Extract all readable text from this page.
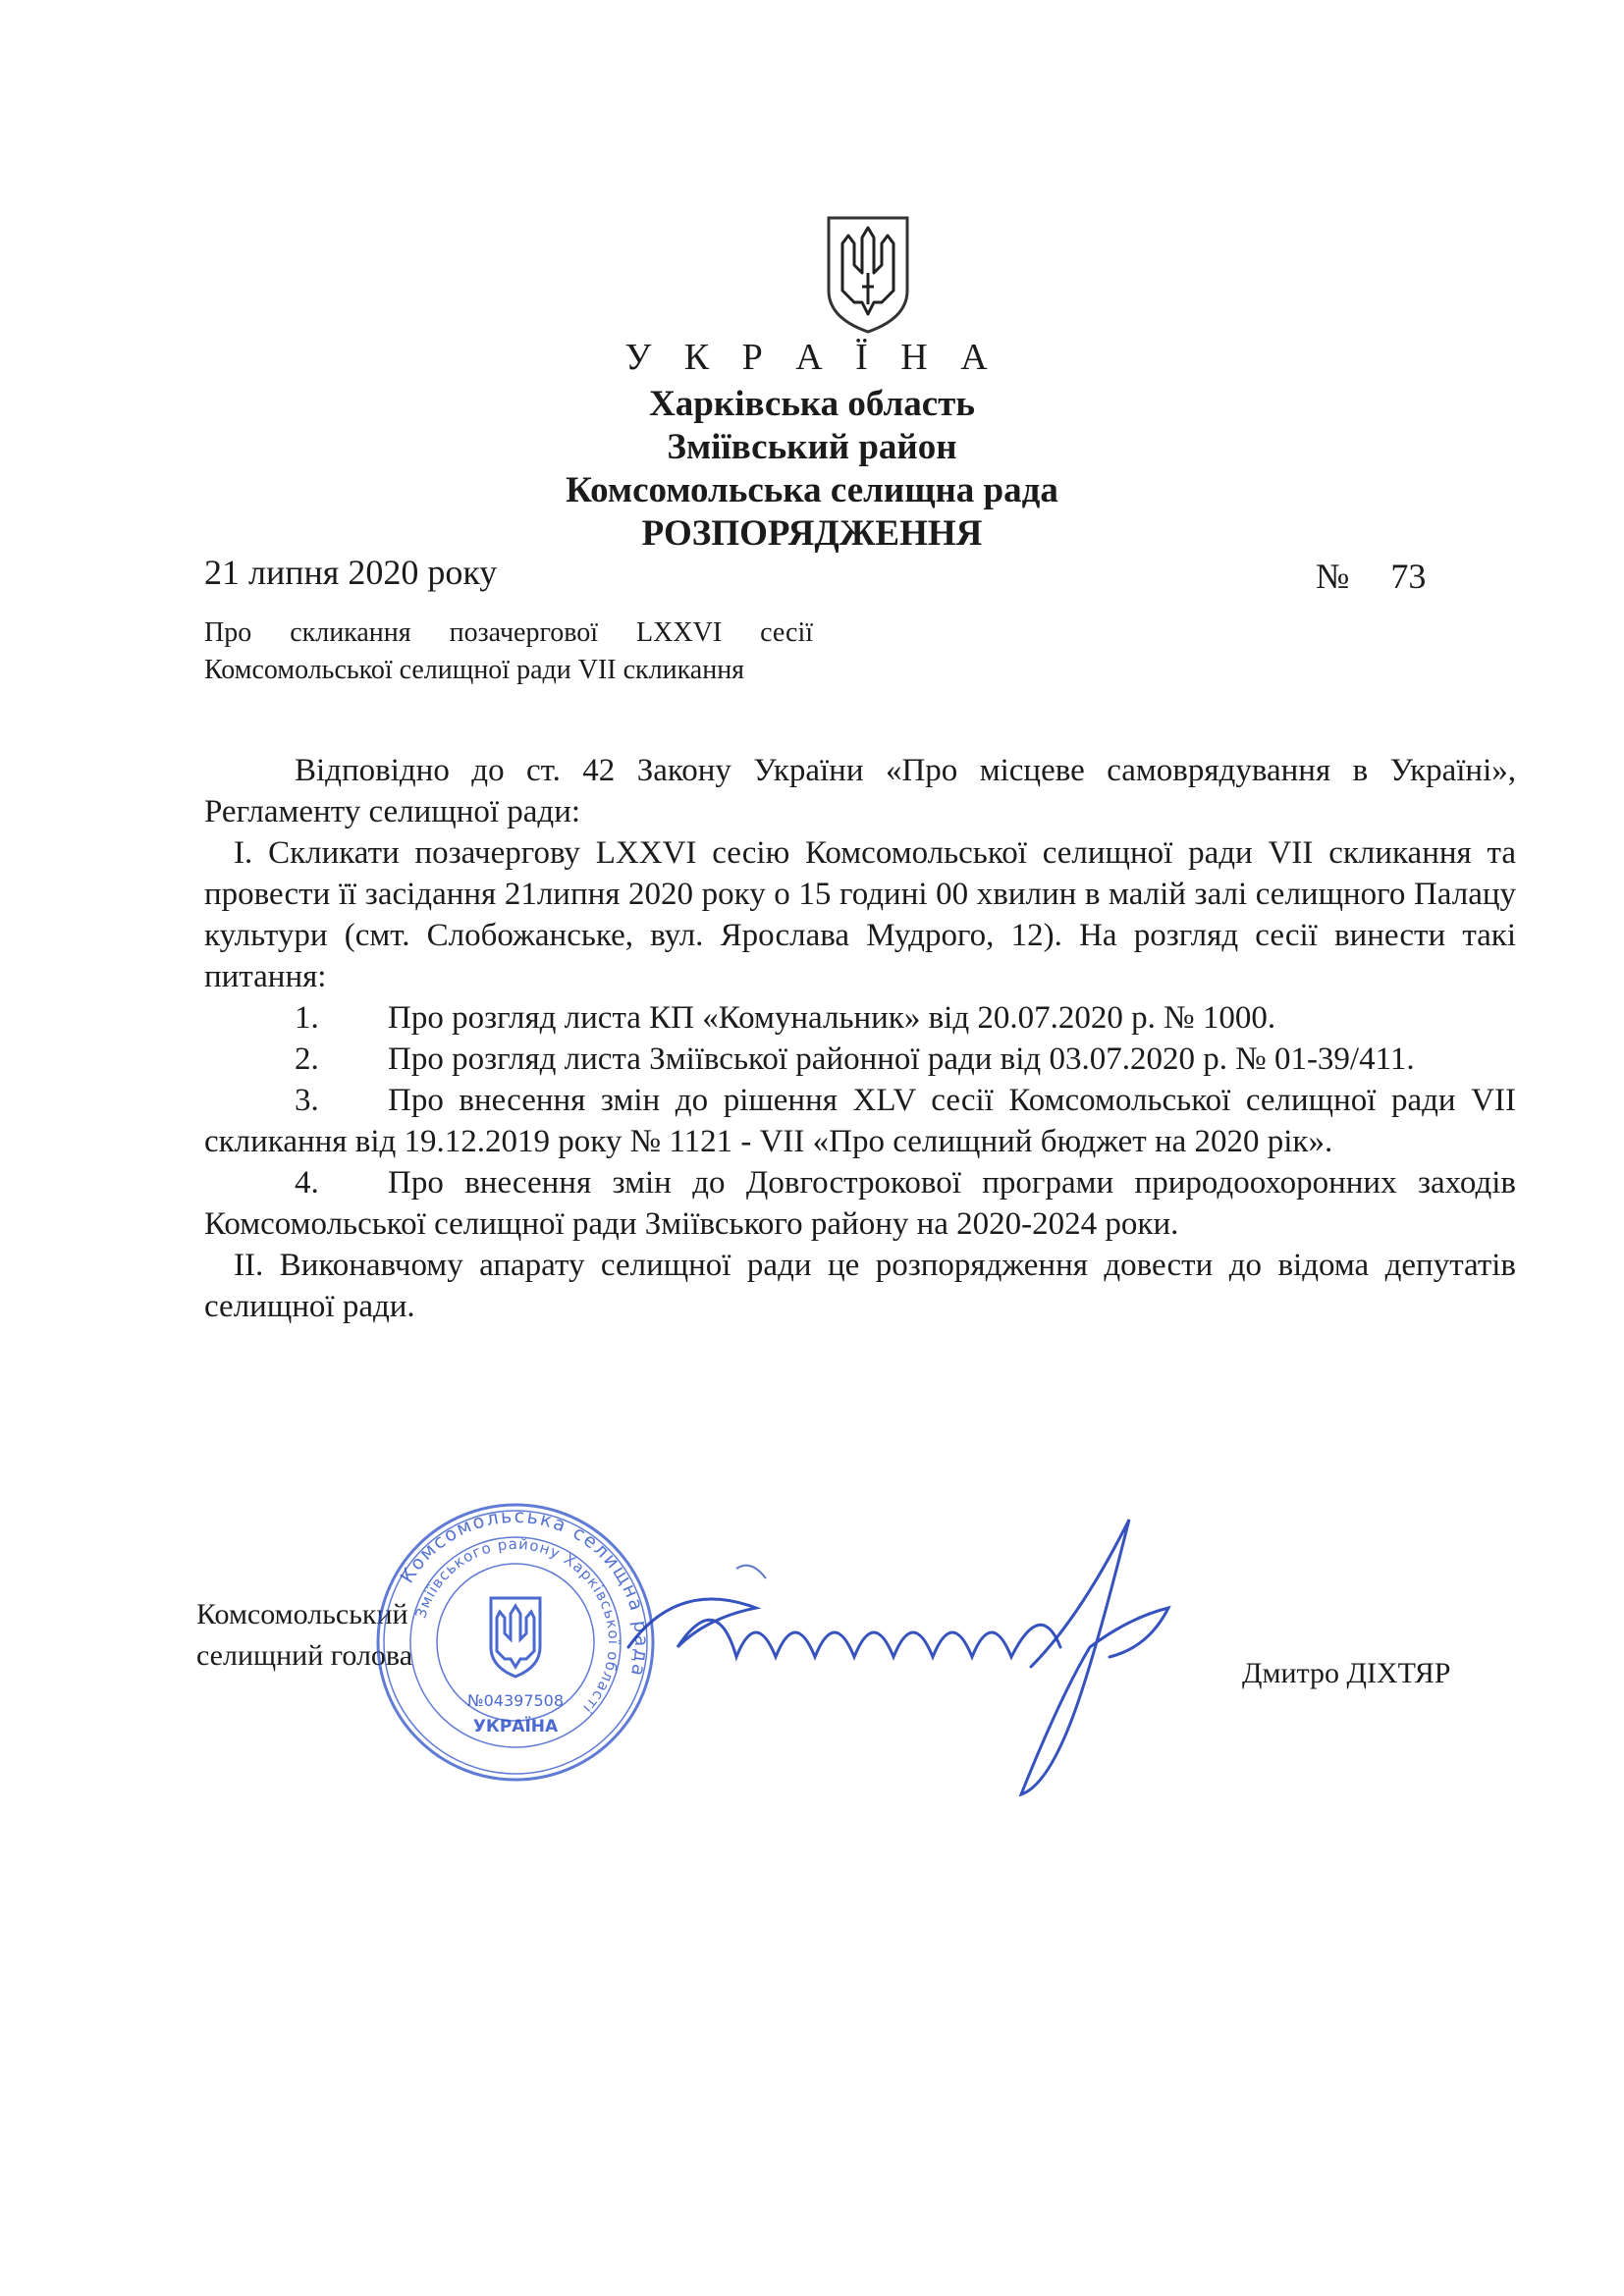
У К Р А Ї Н А
Харківська область
Зміївський район
Комсомольська селищна рада
РОЗПОРЯДЖЕННЯ
21 липня 2020 року	№ 73
Про скликання позачергової LXXVI сесії Комсомольської селищної ради VII скликання

Відповідно до ст. 42 Закону України «Про місцеве самоврядування в Україні», Регламенту селищної ради:

І. Скликати позачергову LXXVI сесію Комсомольської селищної ради VII скликання та провести її засідання 21липня 2020 року о 15 годині 00 хвилин в малій залі селищного Палацу культури (смт. Слобожанське, вул. Ярослава Мудрого, 12). На розгляд сесії винести такі питання:

1. Про розгляд листа КП «Комунальник» від 20.07.2020 р. № 1000.

2. Про розгляд листа Зміївської районної ради від 03.07.2020 р. № 01-39/411.

3. Про внесення змін до рішення XLV сесії Комсомольської селищної ради VII скликання від 19.12.2019 року № 1121 - VII «Про селищний бюджет на 2020 рік».

4. Про внесення змін до Довгострокової програми природоохоронних заходів Комсомольської селищної ради Зміївського району на 2020-2024 роки.

ІІ. Виконавчому апарату селищної ради це розпорядження довести до відома депутатів селищної ради.

Комсомольський
селищний голова
Дмитро ДІХТЯР
Комсомольська селищна рада
Зміївського району Харківської області
№04397508
УКРАЇНА
